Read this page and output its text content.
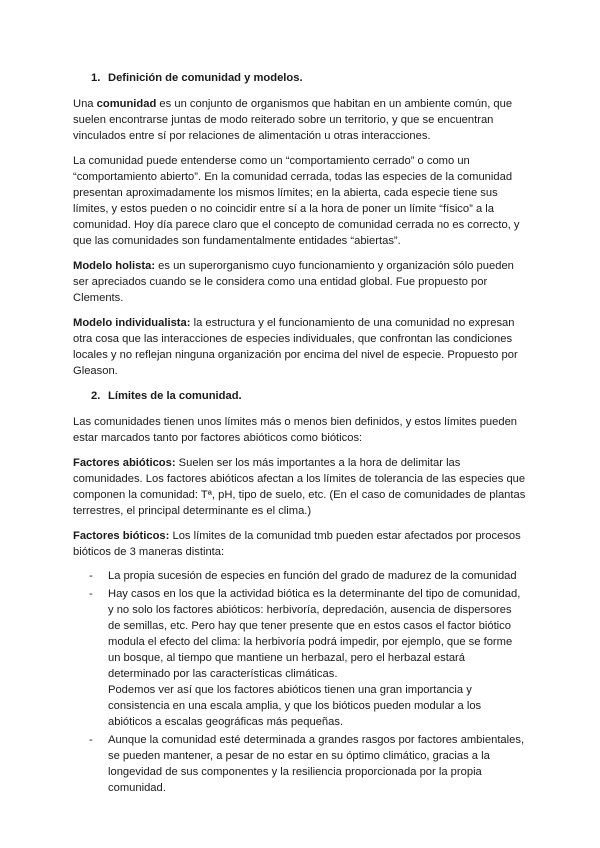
1. Definición de comunidad y modelos.

Una comunidad es un conjunto de organismos que habitan en un ambiente común, que suelen encontrarse juntas de modo reiterado sobre un territorio, y que se encuentran vinculados entre sí por relaciones de alimentación u otras interacciones.

La comunidad puede entenderse como un “comportamiento cerrado” o como un “comportamiento abierto”. En la comunidad cerrada, todas las especies de la comunidad presentan aproximadamente los mismos límites; en la abierta, cada especie tiene sus límites, y estos pueden o no coincidir entre sí a la hora de poner un límite “físico” a la comunidad. Hoy día parece claro que el concepto de comunidad cerrada no es correcto, y que las comunidades son fundamentalmente entidades “abiertas”.

Modelo holista: es un superorganismo cuyo funcionamiento y organización sólo pueden ser apreciados cuando se le considera como una entidad global. Fue propuesto por Clements.

Modelo individualista: la estructura y el funcionamiento de una comunidad no expresan otra cosa que las interacciones de especies individuales, que confrontan las condiciones locales y no reflejan ninguna organización por encima del nivel de especie. Propuesto por Gleason.

2. Límites de la comunidad.

Las comunidades tienen unos límites más o menos bien definidos, y estos límites pueden estar marcados tanto por factores abióticos como bióticos:

Factores abióticos: Suelen ser los más importantes a la hora de delimitar las comunidades. Los factores abióticos afectan a los límites de tolerancia de las especies que componen la comunidad: Tª, pH, tipo de suelo, etc. (En el caso de comunidades de plantas terrestres, el principal determinante es el clima.)

Factores bióticos: Los límites de la comunidad tmb pueden estar afectados por procesos bióticos de 3 maneras distinta:

- La propia sucesión de especies en función del grado de madurez de la comunidad
- Hay casos en los que la actividad biótica es la determinante del tipo de comunidad, y no solo los factores abióticos: herbivoría, depredación, ausencia de dispersores de semillas, etc. Pero hay que tener presente que en estos casos el factor biótico modula el efecto del clima: la herbivoría podrá impedir, por ejemplo, que se forme un bosque, al tiempo que mantiene un herbazal, pero el herbazal estará determinado por las características climáticas.
Podemos ver así que los factores abióticos tienen una gran importancia y consistencia en una escala amplia, y que los bióticos pueden modular a los abióticos a escalas geográficas más pequeñas.
- Aunque la comunidad esté determinada a grandes rasgos por factores ambientales, se pueden mantener, a pesar de no estar en su óptimo climático, gracias a la longevidad de sus componentes y la resiliencia proporcionada por la propia comunidad.
